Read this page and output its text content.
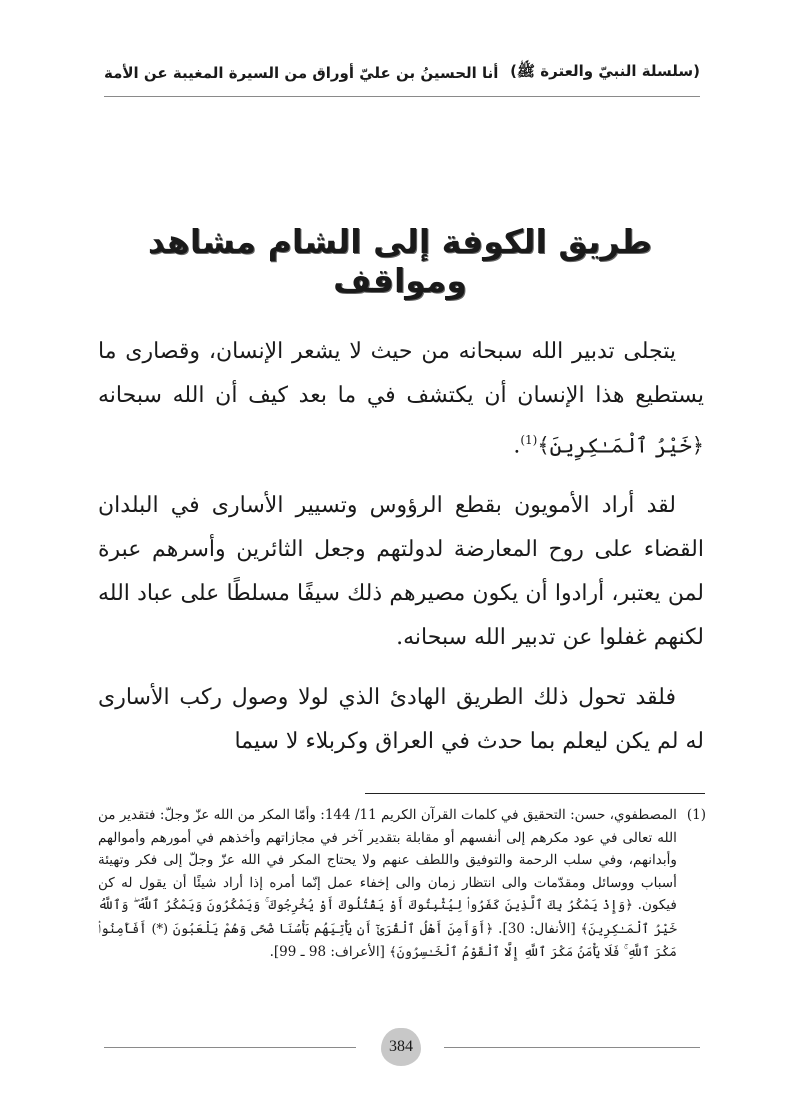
(سلسلة النبيّ والعترة ﷺ)
أنا الحسينُ بن عليّ أوراق من السيرة المغيبة عن الأمة
طريق الكوفة إلى الشام مشاهد ومواقف

يتجلى تدبير الله سبحانه من حيث لا يشعر الإنسان، وقصارى ما يستطيع هذا الإنسان أن يكتشف في ما بعد كيف أن الله سبحانه ﴿خَيْرُ ٱلْمَـٰكِرِينَ﴾$^{(1)}$.

لقد أراد الأمويون بقطع الرؤوس وتسيير الأسارى في البلدان القضاء على روح المعارضة لدولتهم وجعل الثائرين وأسرهم عبرة لمن يعتبر، أرادوا أن يكون مصيرهم ذلك سيفًا مسلطًا على عباد الله لكنهم غفلوا عن تدبير الله سبحانه.

فلقد تحول ذلك الطريق الهادئ الذي لولا وصول ركب الأسارى له لم يكن ليعلم بما حدث في العراق وكربلاء لا سيما

(1)
المصطفوي، حسن: التحقيق في كلمات القرآن الكريم 11/ 144: وأمّا المكر من الله عزّ وجلّ: فتقدير من الله تعالى في عود مكرهم إلى أنفسهم أو مقابلة بتقدير آخر في مجازاتهم وأخذهم في أمورهم وأموالهم وأبدانهم، وفي سلب الرحمة والتوفيق واللطف عنهم ولا يحتاج المكر في الله عزّ وجلّ إلى فكر وتهيئة أسباب ووسائل ومقدّمات والى انتظار زمان والى إخفاء عمل إنّما أمره إذا أراد شيئًا أن يقول له كن فيكون. ﴿وَإِذْ يَمْكُرُ بِكَ ٱلَّذِينَ كَفَرُوا۟ لِيُثْبِتُوكَ أَوْ يَقْتُلُوكَ أَوْ يُخْرِجُوكَ ۚ وَيَمْكُرُونَ وَيَمْكُرُ ٱللَّهُ ۖ وَٱللَّهُ خَيْرُ ٱلْمَـٰكِرِينَ﴾ [الأنفال: 30]. ﴿أَوَأَمِنَ أَهْلُ ٱلْقُرَىٰٓ أَن يَأْتِيَهُم بَأْسُنَا ضُحًى وَهُمْ يَلْعَبُونَ (*) أَفَأَمِنُوا۟ مَكْرَ ٱللَّهِ ۚ فَلَا يَأْمَنُ مَكْرَ ٱللَّهِ إِلَّا ٱلْقَوْمُ ٱلْخَـٰسِرُونَ﴾ [الأعراف: 98 ـ 99].
384
